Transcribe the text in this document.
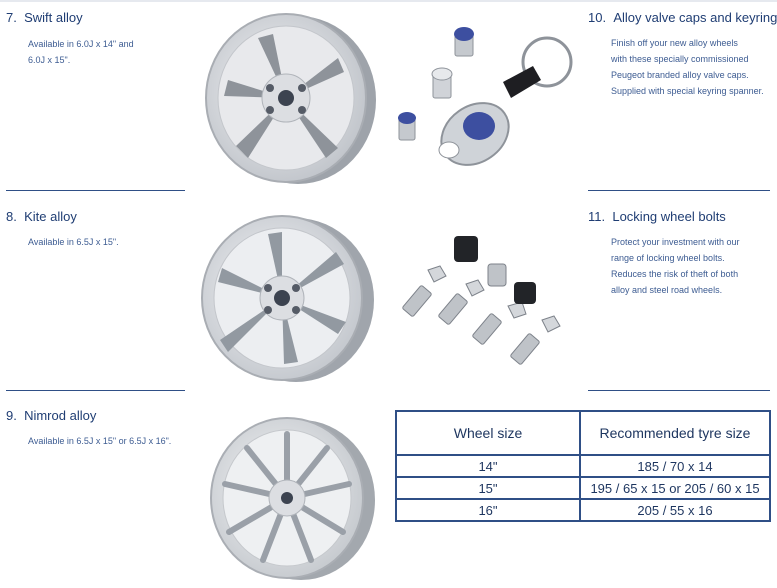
7. Swift alloy
Available in 6.0J x 14" and
6.0J x 15".
8. Kite alloy
Available in 6.5J x 15".
9. Nimrod alloy
Available in 6.5J x 15" or 6.5J x 16".
10. Alloy valve caps and keyring
Finish off your new alloy wheels
with these specially commissioned
Peugeot branded alloy valve caps.
Supplied with special keyring spanner.
11. Locking wheel bolts
Protect your investment with our
range of locking wheel bolts.
Reduces the risk of theft of both
alloy and steel road wheels.
Wheel size	Recommended tyre size
14"	185 / 70 x 14
15"	195 / 65 x 15 or 205 / 60 x 15
16"	205 / 55 x 16
